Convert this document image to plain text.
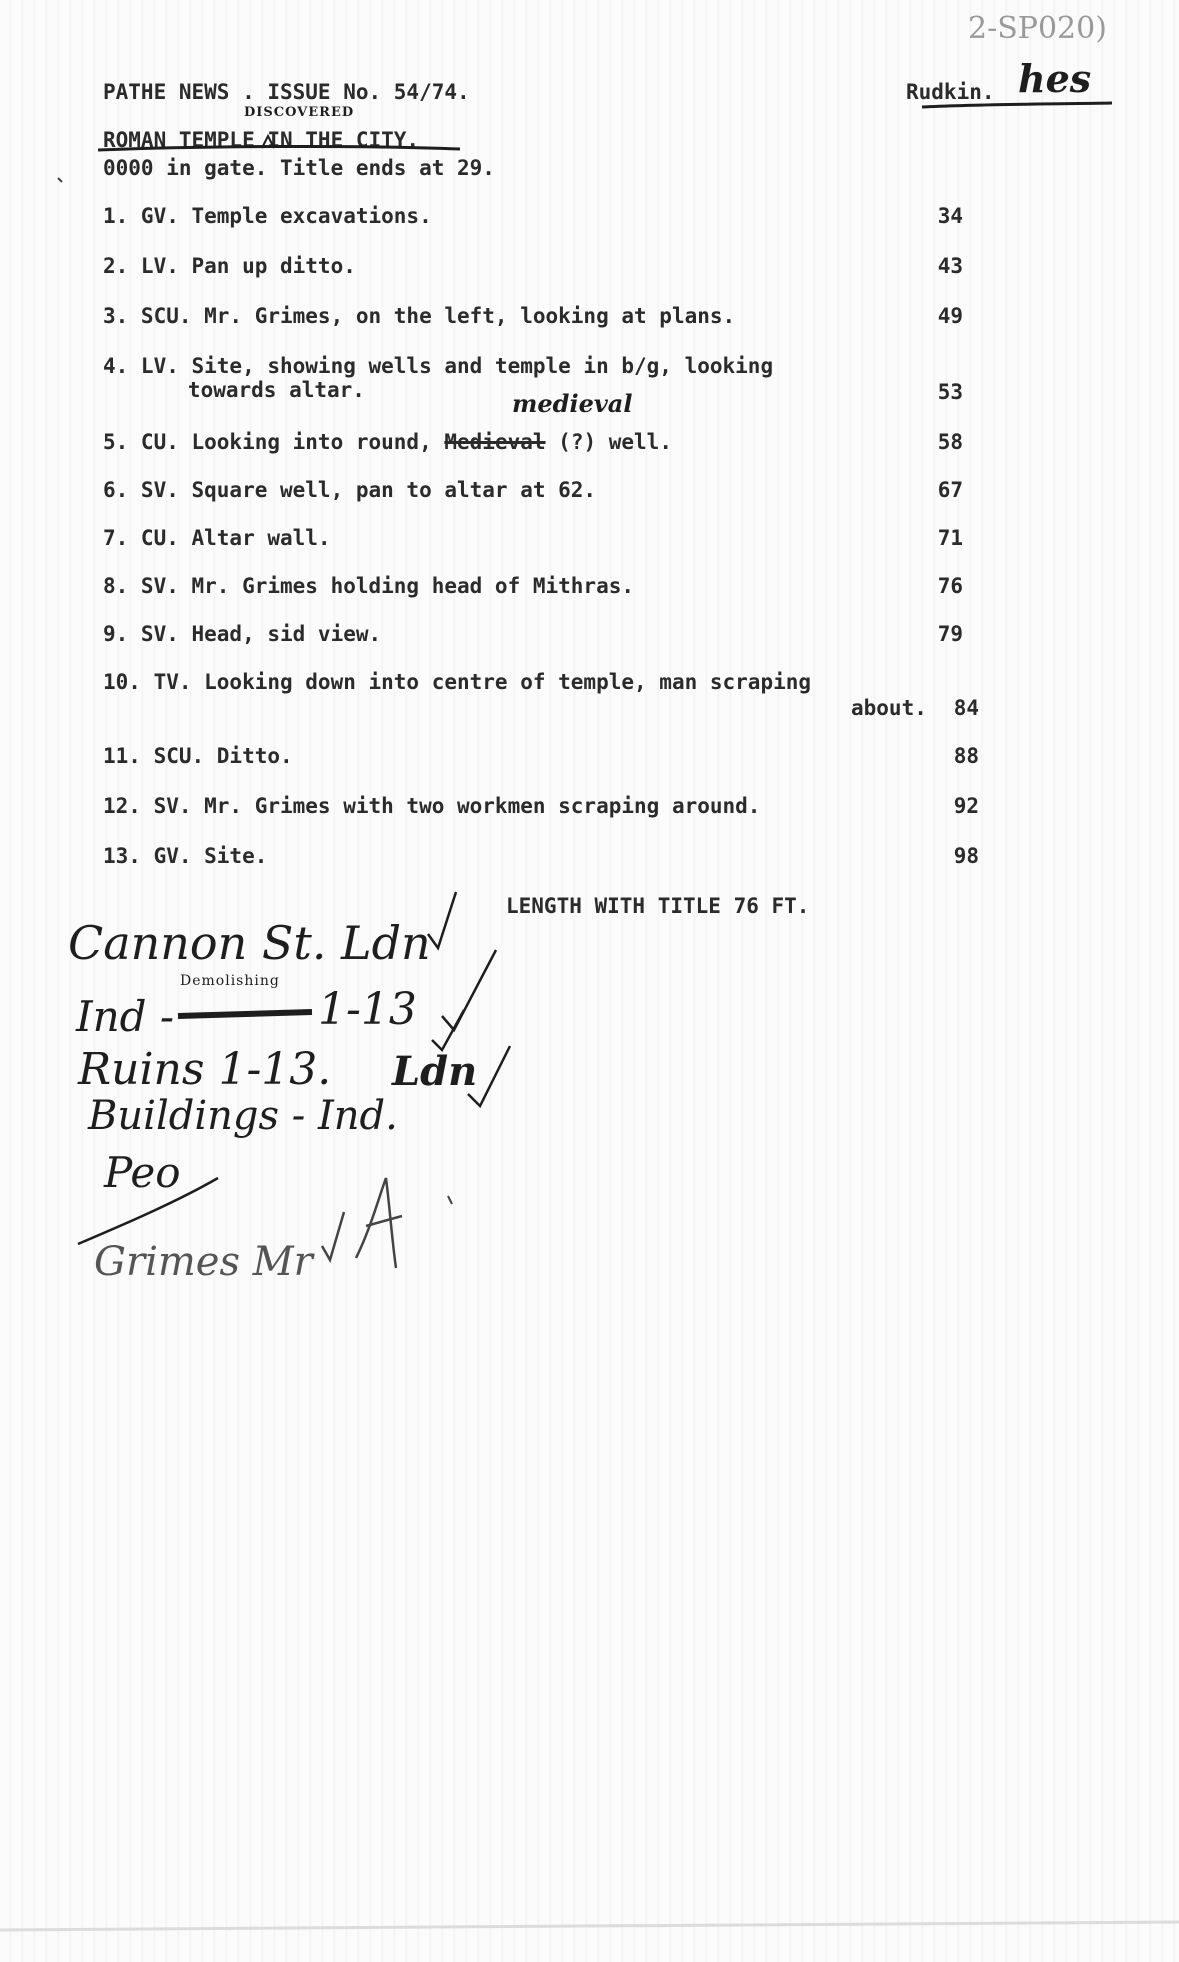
2-SP020)
PATHE NEWS . ISSUE No. 54/74.	Rudkin. hes
DISCOVERED
ROMAN TEMPLE IN THE CITY.
0000 in gate. Title ends at 29.
1. GV. Temple excavations.	34
2. LV. Pan up ditto.	43
3. SCU. Mr. Grimes, on the left, looking at plans.	49
4. LV. Site, showing wells and temple in b/g, looking
towards altar.	53
medieval
5. CU. Looking into round, Medieval (?) well.	58
6. SV. Square well, pan to altar at 62.	67
7. CU. Altar wall.	71
8. SV. Mr. Grimes holding head of Mithras.	76
9. SV. Head, sid view.	79
10. TV. Looking down into centre of temple, man scraping
about.	84
11. SCU. Ditto.	88
12. SV. Mr. Grimes with two workmen scraping around.	92
13. GV. Site.	98
LENGTH WITH TITLE 76 FT.
Cannon St. Ldn
Ind -
Demolishing
1-13
Ruins 1-13. Ldn
Buildings - Ind.
Peo
Grimes Mr
